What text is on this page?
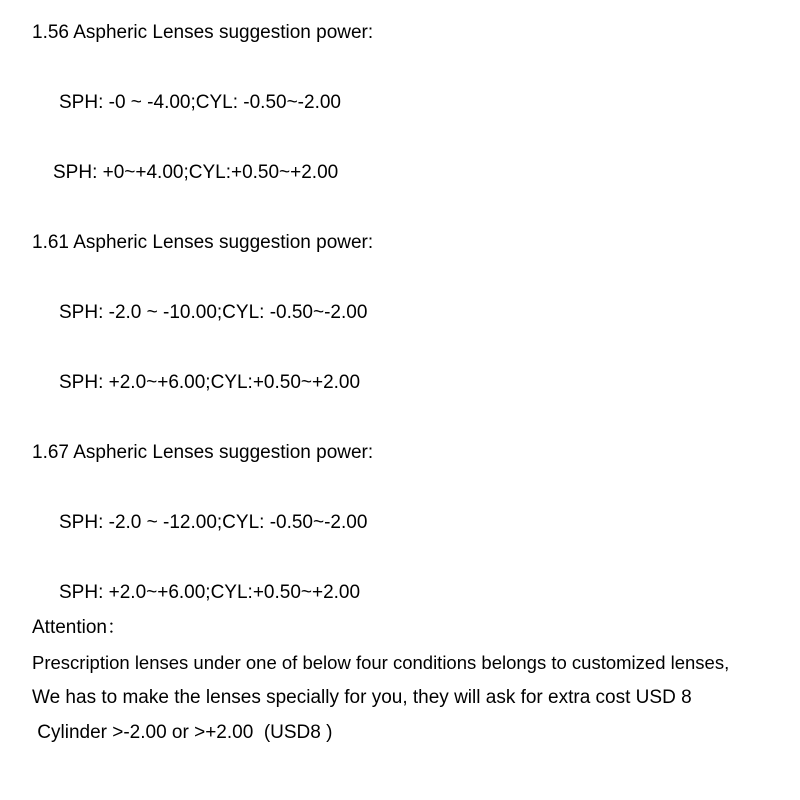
1.56 Aspheric Lenses suggestion power:
SPH: -0 ~ -4.00;CYL: -0.50~-2.00
SPH: +0~+4.00;CYL:+0.50~+2.00
1.61 Aspheric Lenses suggestion power:
SPH: -2.0 ~ -10.00;CYL: -0.50~-2.00
SPH: +2.0~+6.00;CYL:+0.50~+2.00
1.67 Aspheric Lenses suggestion power:
SPH: -2.0 ~ -12.00;CYL: -0.50~-2.00
SPH: +2.0~+6.00;CYL:+0.50~+2.00
Attention：
Prescription lenses under one of below four conditions belongs to customized lenses,
We has to make the lenses specially for you, they will ask for extra cost USD 8
Cylinder >-2.00 or >+2.00  (USD8 )
